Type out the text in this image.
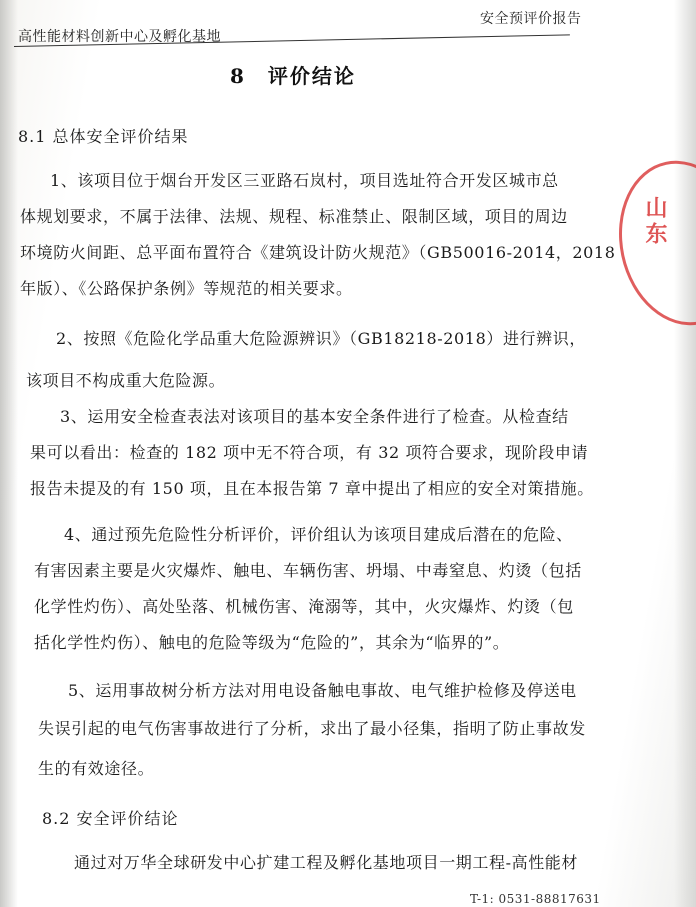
高性能材料创新中心及孵化基地
安全预评价报告
8　评价结论
8.1 总体安全评价结果
1、该项目位于烟台开发区三亚路石岚村，项目选址符合开发区城市总
体规划要求，不属于法律、法规、规程、标准禁止、限制区域，项目的周边
环境防火间距、总平面布置符合《建筑设计防火规范》（GB50016-2014，2018
年版）、《公路保护条例》等规范的相关要求。
2、按照《危险化学品重大危险源辨识》（GB18218-2018）进行辨识，
该项目不构成重大危险源。
3、运用安全检查表法对该项目的基本安全条件进行了检查。从检查结
果可以看出：检查的 182 项中无不符合项，有 32 项符合要求，现阶段申请
报告未提及的有 150 项，且在本报告第 7 章中提出了相应的安全对策措施。
4、通过预先危险性分析评价，评价组认为该项目建成后潜在的危险、
有害因素主要是火灾爆炸、触电、车辆伤害、坍塌、中毒窒息、灼烫（包括
化学性灼伤）、高处坠落、机械伤害、淹溺等，其中，火灾爆炸、灼烫（包
括化学性灼伤）、触电的危险等级为“危险的”，其余为“临界的”。
5、运用事故树分析方法对用电设备触电事故、电气维护检修及停送电
失误引起的电气伤害事故进行了分析，求出了最小径集，指明了防止事故发
生的有效途径。
8.2 安全评价结论
通过对万华全球研发中心扩建工程及孵化基地项目一期工程-高性能材
山东
T-1: 0531-88817631
